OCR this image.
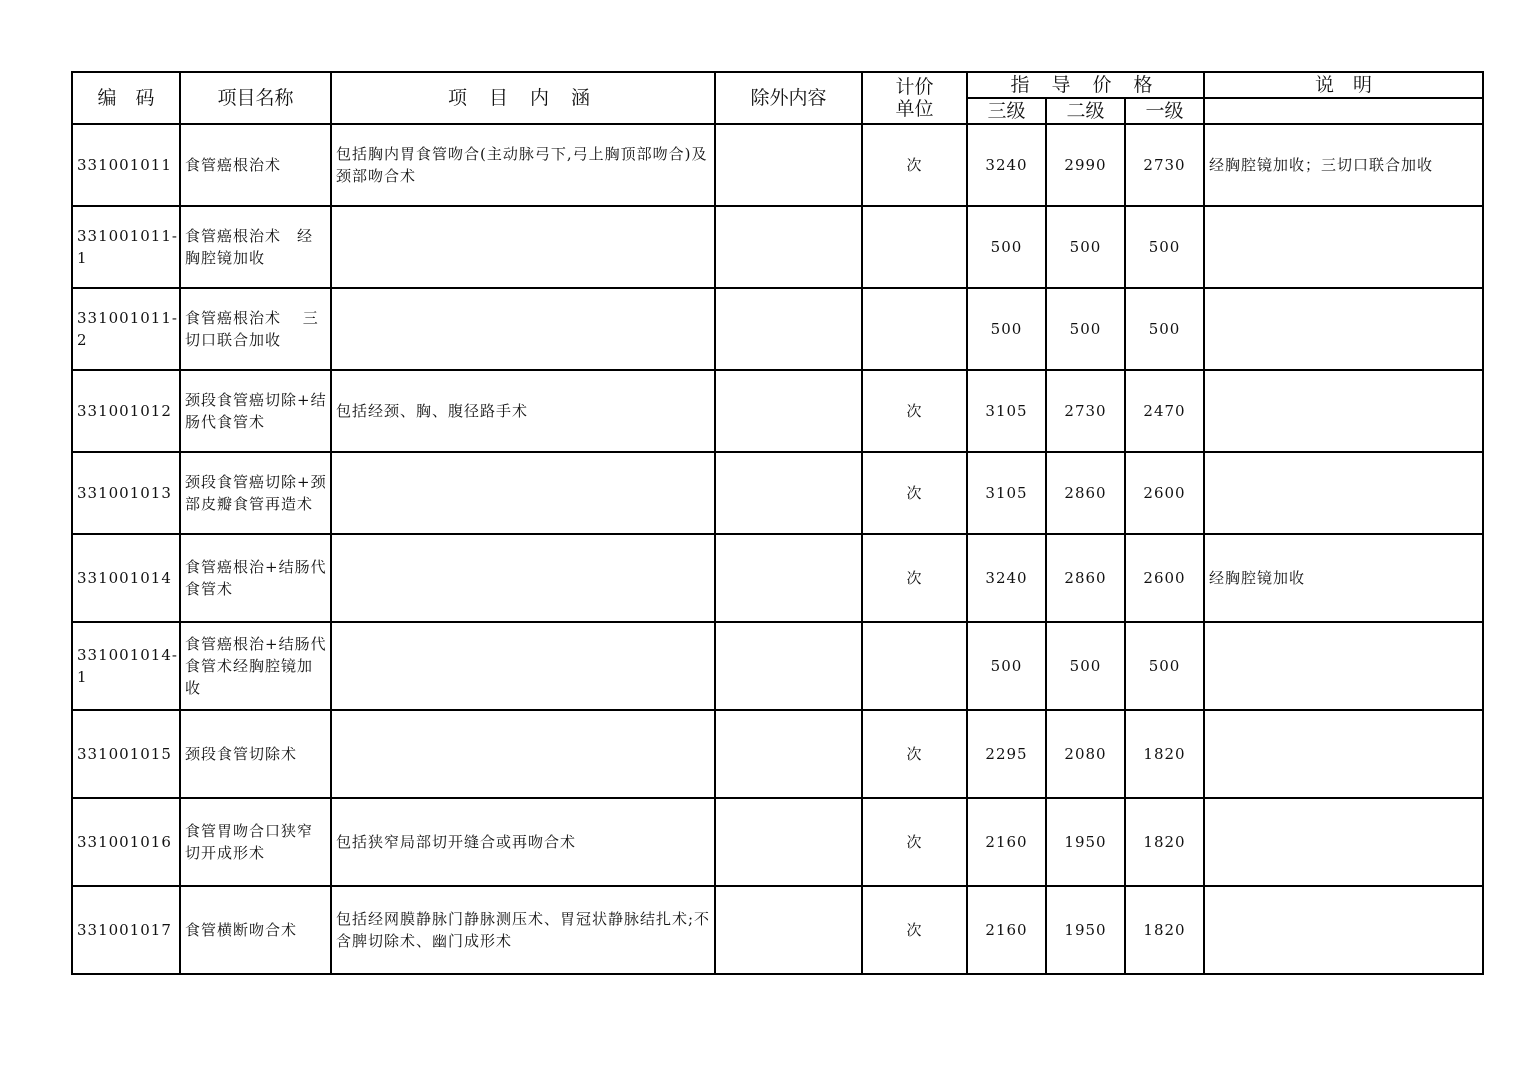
编　码	项目名称	项 目 内 涵	除外内容	计价单位	指 导 价 格			说　明
					三级	二级	一级	
331001011	食管癌根治术	包括胸内胃食管吻合(主动脉弓下,弓上胸顶部吻合)及颈部吻合术		次	3240	2990	2730	经胸腔镜加收；三切口联合加收
331001011-1	食管癌根治术　经胸腔镜加收				500	500	500	
331001011-2	食管癌根治术　 三切口联合加收				500	500	500	
331001012	颈段食管癌切除+结肠代食管术	包括经颈、胸、腹径路手术		次	3105	2730	2470	
331001013	颈段食管癌切除+颈部皮瓣食管再造术			次	3105	2860	2600	
331001014	食管癌根治+结肠代食管术			次	3240	2860	2600	经胸腔镜加收
331001014-1	食管癌根治+结肠代食管术经胸腔镜加收				500	500	500	
331001015	颈段食管切除术			次	2295	2080	1820	
331001016	食管胃吻合口狭窄切开成形术	包括狭窄局部切开缝合或再吻合术		次	2160	1950	1820	
331001017	食管横断吻合术	包括经网膜静脉门静脉测压术、胃冠状静脉结扎术;不含脾切除术、幽门成形术		次	2160	1950	1820	
